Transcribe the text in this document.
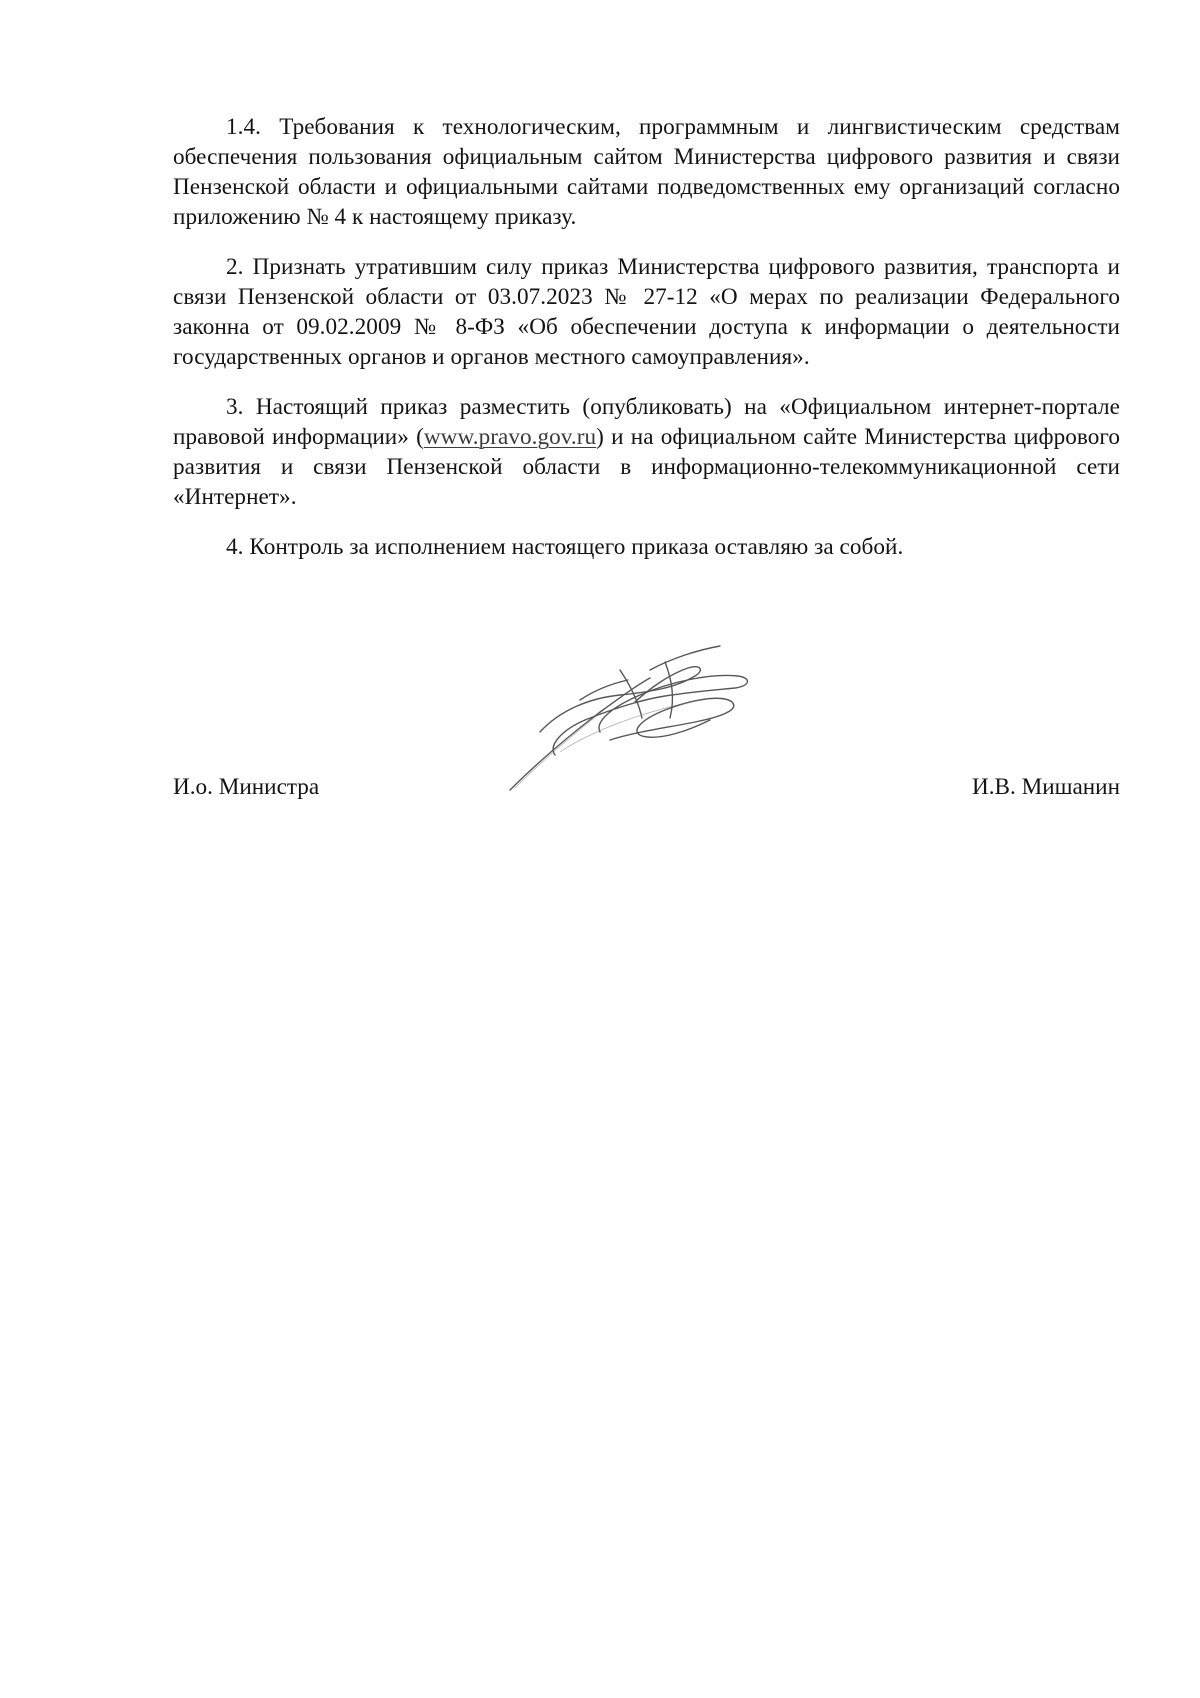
1.4. Требования к технологическим, программным и лингвистическим средствам обеспечения пользования официальным сайтом Министерства цифрового развития и связи Пензенской области и официальными сайтами подведомственных ему организаций согласно приложению № 4 к настоящему приказу.

2. Признать утратившим силу приказ Министерства цифрового развития, транспорта и связи Пензенской области от 03.07.2023 № 27-12 «О мерах по реализации Федерального законна от 09.02.2009 № 8-ФЗ «Об обеспечении доступа к информации о деятельности государственных органов и органов местного самоуправления».

3. Настоящий приказ разместить (опубликовать) на «Официальном интернет-портале правовой информации» (www.pravo.gov.ru) и на официальном сайте Министерства цифрового развития и связи Пензенской области в информационно-телекоммуникационной сети «Интернет».

4. Контроль за исполнением настоящего приказа оставляю за собой.

И.о. Министра	И.В. Мишанин
